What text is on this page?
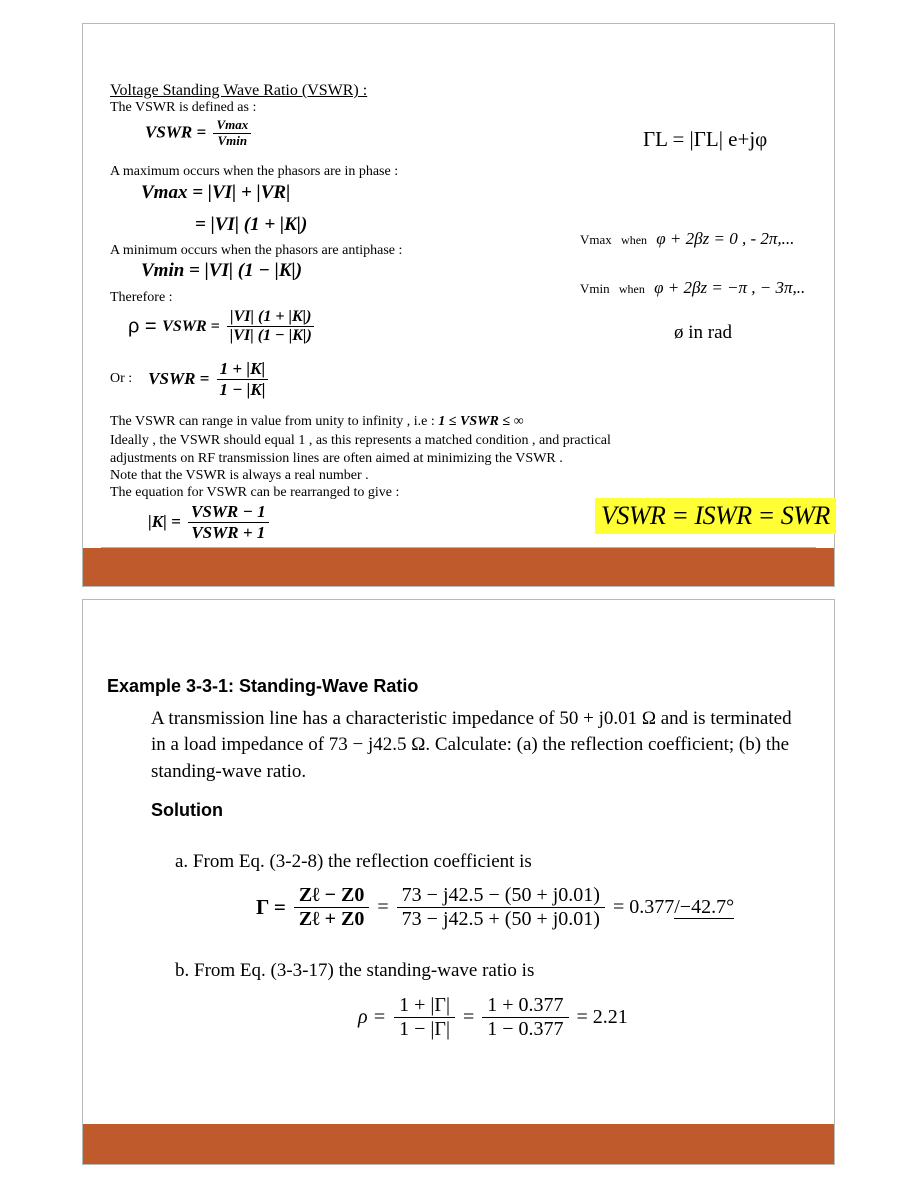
Voltage Standing Wave Ratio (VSWR) :
The VSWR is defined as :
VSWR = $\frac{Vmax}{Vmin}$	ΓL = |ΓL| e+jφ
A maximum occurs when the phasors are in phase :
Vmax = |VI| + |VR|
= |VI| (1 + |K|)
Vmax when φ + 2βz = 0 , - 2π,...
A minimum occurs when the phasors are antiphase :
Vmin = |VI| (1 − |K|)
Vmin when φ + 2βz = −π , − 3π,..
Therefore :
ρ = VSWR = $\frac{|VI| (1 + |K|)}{|VI| (1 - |K|)}$	ø in rad
Or : VSWR = $\frac{1 + |K|}{1 - |K|}$
The VSWR can range in value from unity to infinity , i.e : 1 ≤ VSWR ≤ ∞
Ideally , the VSWR should equal 1 , as this represents a matched condition , and practical
adjustments on RF transmission lines are often aimed at minimizing the VSWR .
Note that the VSWR is always a real number .
The equation for VSWR can be rearranged to give :
$|K| = \frac{\text{VSWR − 1}}{\text{VSWR + 1}}$	VSWR = ISWR = SWR
Example 3-3-1: Standing-Wave Ratio
A transmission line has a characteristic impedance of 50 + j0.01 Ω and is terminated
in a load impedance of 73 − j42.5 Ω. Calculate: (a) the reflection coefficient; (b) the
standing-wave ratio.
Solution
a. From Eq. (3-2-8) the reflection coefficient is
$\Gamma = \frac{\text{Zℓ − Z0}}{\text{Zℓ + Z0}} = \frac{73 - j42.5 - (50 + j0.01)}{73 - j42.5 + (50 + j0.01)} = 0.377/-42.7^\circ$
b. From Eq. (3-3-17) the standing-wave ratio is
$\rho = \frac{1 + |\Gamma|}{1 - |\Gamma|} = \frac{1 + 0.377}{1 - 0.377} = 2.21$
